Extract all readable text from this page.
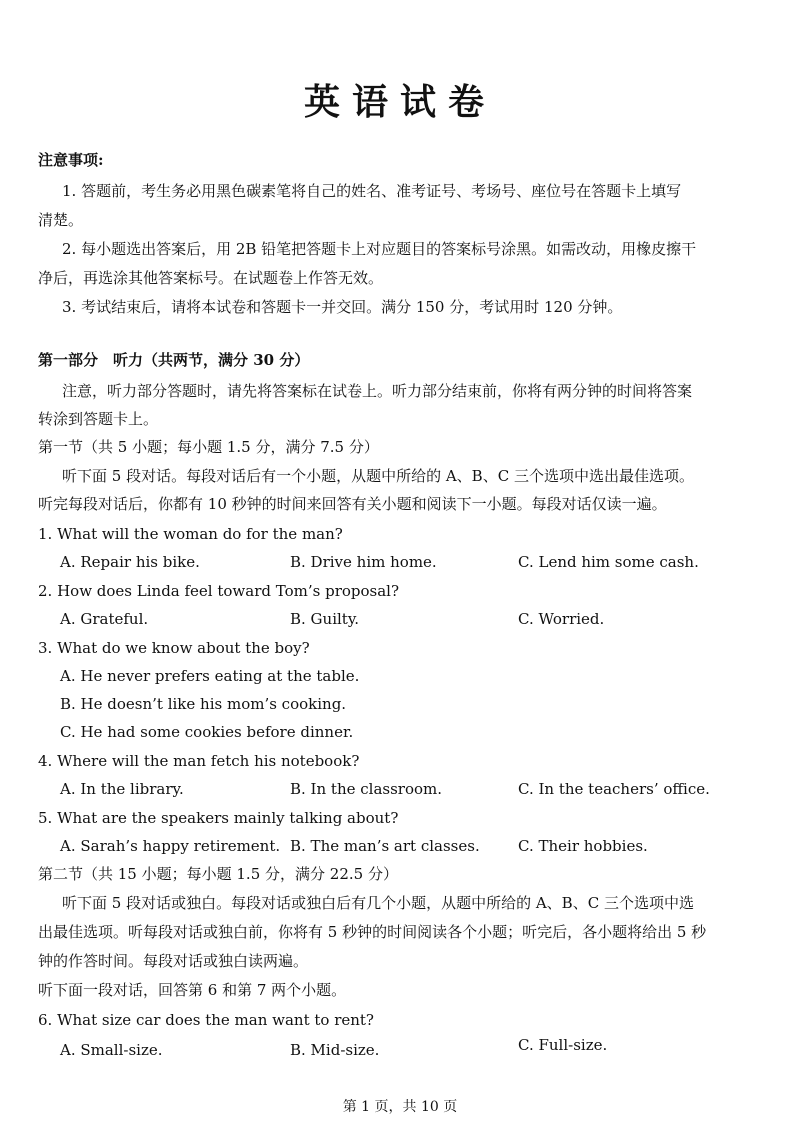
英语试卷
注意事项:
1. 答题前，考生务必用黑色碳素笔将自己的姓名、准考证号、考场号、座位号在答题卡上填写
清楚。
2. 每小题选出答案后，用 2B 铅笔把答题卡上对应题目的答案标号涂黑。如需改动，用橡皮擦干
净后，再选涂其他答案标号。在试题卷上作答无效。
3. 考试结束后，请将本试卷和答题卡一并交回。满分 150 分，考试用时 120 分钟。
第一部分　听力（共两节，满分 30 分）
注意，听力部分答题时，请先将答案标在试卷上。听力部分结束前，你将有两分钟的时间将答案
转涂到答题卡上。
第一节（共 5 小题；每小题 1.5 分，满分 7.5 分）
听下面 5 段对话。每段对话后有一个小题，从题中所给的 A、B、C 三个选项中选出最佳选项。
听完每段对话后，你都有 10 秒钟的时间来回答有关小题和阅读下一小题。每段对话仅读一遍。
1. What will the woman do for the man?
A. Repair his bike.	B. Drive him home.	C. Lend him some cash.
2. How does Linda feel toward Tom’s proposal?
A. Grateful.	B. Guilty.	C. Worried.
3. What do we know about the boy?
A. He never prefers eating at the table.
B. He doesn’t like his mom’s cooking.
C. He had some cookies before dinner.
4. Where will the man fetch his notebook?
A. In the library.	B. In the classroom.	C. In the teachers’ office.
5. What are the speakers mainly talking about?
A. Sarah’s happy retirement. B. The man’s art classes.	C. Their hobbies.
第二节（共 15 小题；每小题 1.5 分，满分 22.5 分）
听下面 5 段对话或独白。每段对话或独白后有几个小题，从题中所给的 A、B、C 三个选项中选
出最佳选项。听每段对话或独白前，你将有 5 秒钟的时间阅读各个小题；听完后，各小题将给出 5 秒
钟的作答时间。每段对话或独白读两遍。
听下面一段对话，回答第 6 和第 7 两个小题。
6. What size car does the man want to rent?
A. Small-size.	B. Mid-size.	C. Full-size.
第 1 页，共 10 页
